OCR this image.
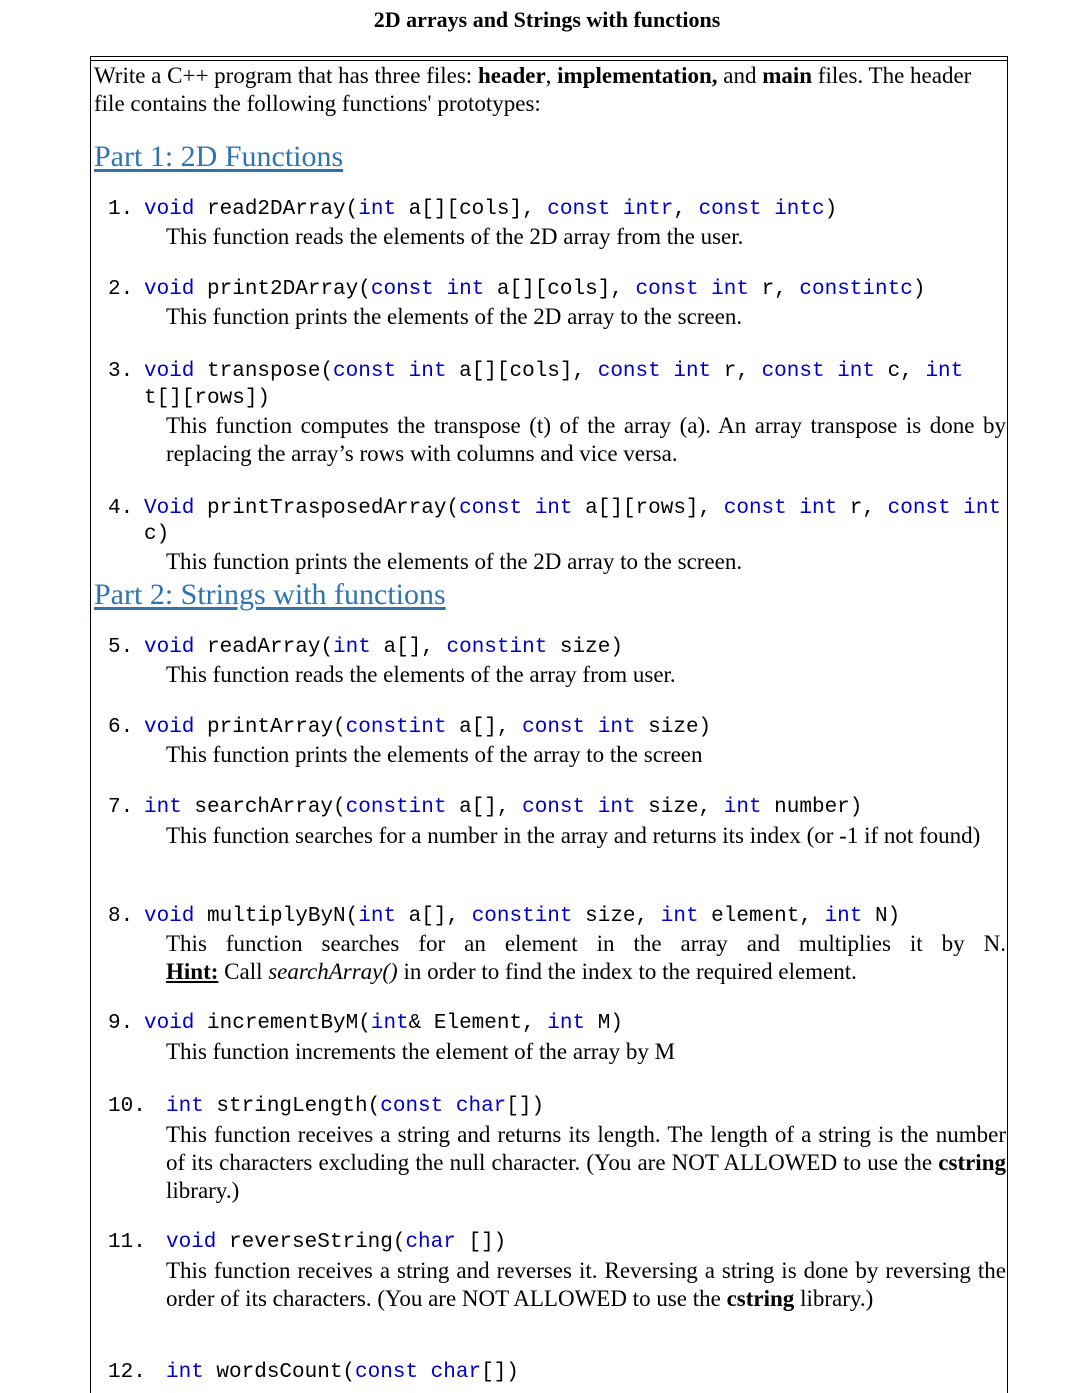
2D arrays and Strings with functions
Write a C++ program that has three files: header, implementation, and main files. The header file contains the following functions' prototypes:
Part 1: 2D Functions
Part 2: Strings with functions
1. void read2DArray(int a[][cols], const intr, const intc)
This function reads the elements of the 2D array from the user.
2. void print2DArray(const int a[][cols], const int r, constintc)
This function prints the elements of the 2D array to the screen.
3. void transpose(const int a[][cols], const int r, const int c, int
t[][rows])
This function computes the transpose (t) of the array (a). An array transpose is done by replacing the array’s rows with columns and vice versa.
4. Void printTrasposedArray(const int a[][rows], const int r, const int
c)
This function prints the elements of the 2D array to the screen.
5. void readArray(int a[], constint size)
This function reads the elements of the array from user.
6. void printArray(constint a[], const int size)
This function prints the elements of the array to the screen
7. int searchArray(constint a[], const int size, int number)
This function searches for a number in the array and returns its index (or -1 if not found)
8. void multiplyByN(int a[], constint size, int element, int N)
This function searches for an element in the array and multiplies it by N.
Hint: Call searchArray() in order to find the index to the required element.
9. void incrementByM(int& Element, int M)
This function increments the element of the array by M
10. int stringLength(const char[])
This function receives a string and returns its length. The length of a string is the number of its characters excluding the null character. (You are NOT ALLOWED to use the cstring library.)
11. void reverseString(char [])
This function receives a string and reverses it. Reversing a string is done by reversing the order of its characters. (You are NOT ALLOWED to use the cstring library.)
12. int wordsCount(const char[])
